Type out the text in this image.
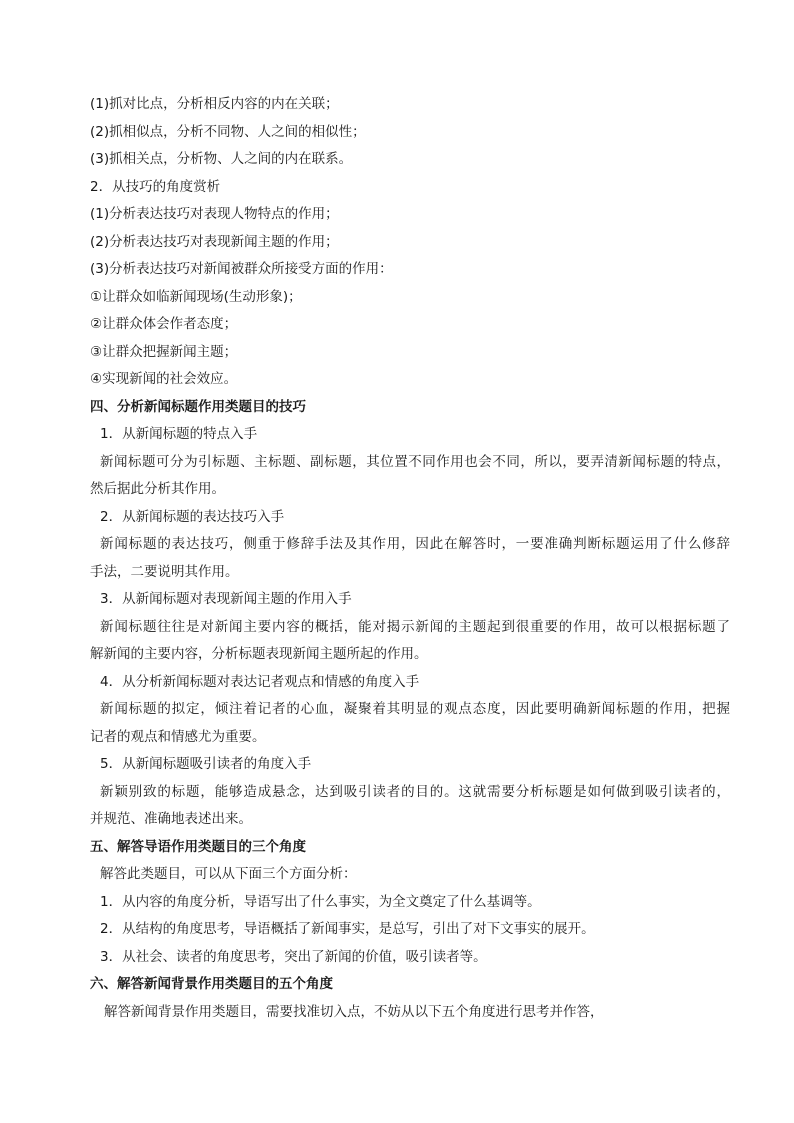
(1)抓对比点，分析相反内容的内在关联；
(2)抓相似点，分析不同物、人之间的相似性；
(3)抓相关点，分析物、人之间的内在联系。
2．从技巧的角度赏析
(1)分析表达技巧对表现人物特点的作用；
(2)分析表达技巧对表现新闻主题的作用；
(3)分析表达技巧对新闻被群众所接受方面的作用：
①让群众如临新闻现场(生动形象)；
②让群众体会作者态度；
③让群众把握新闻主题；
④实现新闻的社会效应。
四、分析新闻标题作用类题目的技巧
1．从新闻标题的特点入手
新闻标题可分为引标题、主标题、副标题，其位置不同作用也会不同，所以，要弄清新闻标题的特点，
然后据此分析其作用。
2．从新闻标题的表达技巧入手
新闻标题的表达技巧，侧重于修辞手法及其作用，因此在解答时，一要准确判断标题运用了什么修辞
手法，二要说明其作用。
3．从新闻标题对表现新闻主题的作用入手
新闻标题往往是对新闻主要内容的概括，能对揭示新闻的主题起到很重要的作用，故可以根据标题了
解新闻的主要内容，分析标题表现新闻主题所起的作用。
4．从分析新闻标题对表达记者观点和情感的角度入手
新闻标题的拟定，倾注着记者的心血，凝聚着其明显的观点态度，因此要明确新闻标题的作用，把握
记者的观点和情感尤为重要。
5．从新闻标题吸引读者的角度入手
新颖别致的标题，能够造成悬念，达到吸引读者的目的。这就需要分析标题是如何做到吸引读者的，
并规范、准确地表述出来。
五、解答导语作用类题目的三个角度
解答此类题目，可以从下面三个方面分析：
1．从内容的角度分析，导语写出了什么事实，为全文奠定了什么基调等。
2．从结构的角度思考，导语概括了新闻事实，是总写，引出了对下文事实的展开。
3．从社会、读者的角度思考，突出了新闻的价值，吸引读者等。
六、解答新闻背景作用类题目的五个角度
解答新闻背景作用类题目，需要找准切入点，不妨从以下五个角度进行思考并作答，
